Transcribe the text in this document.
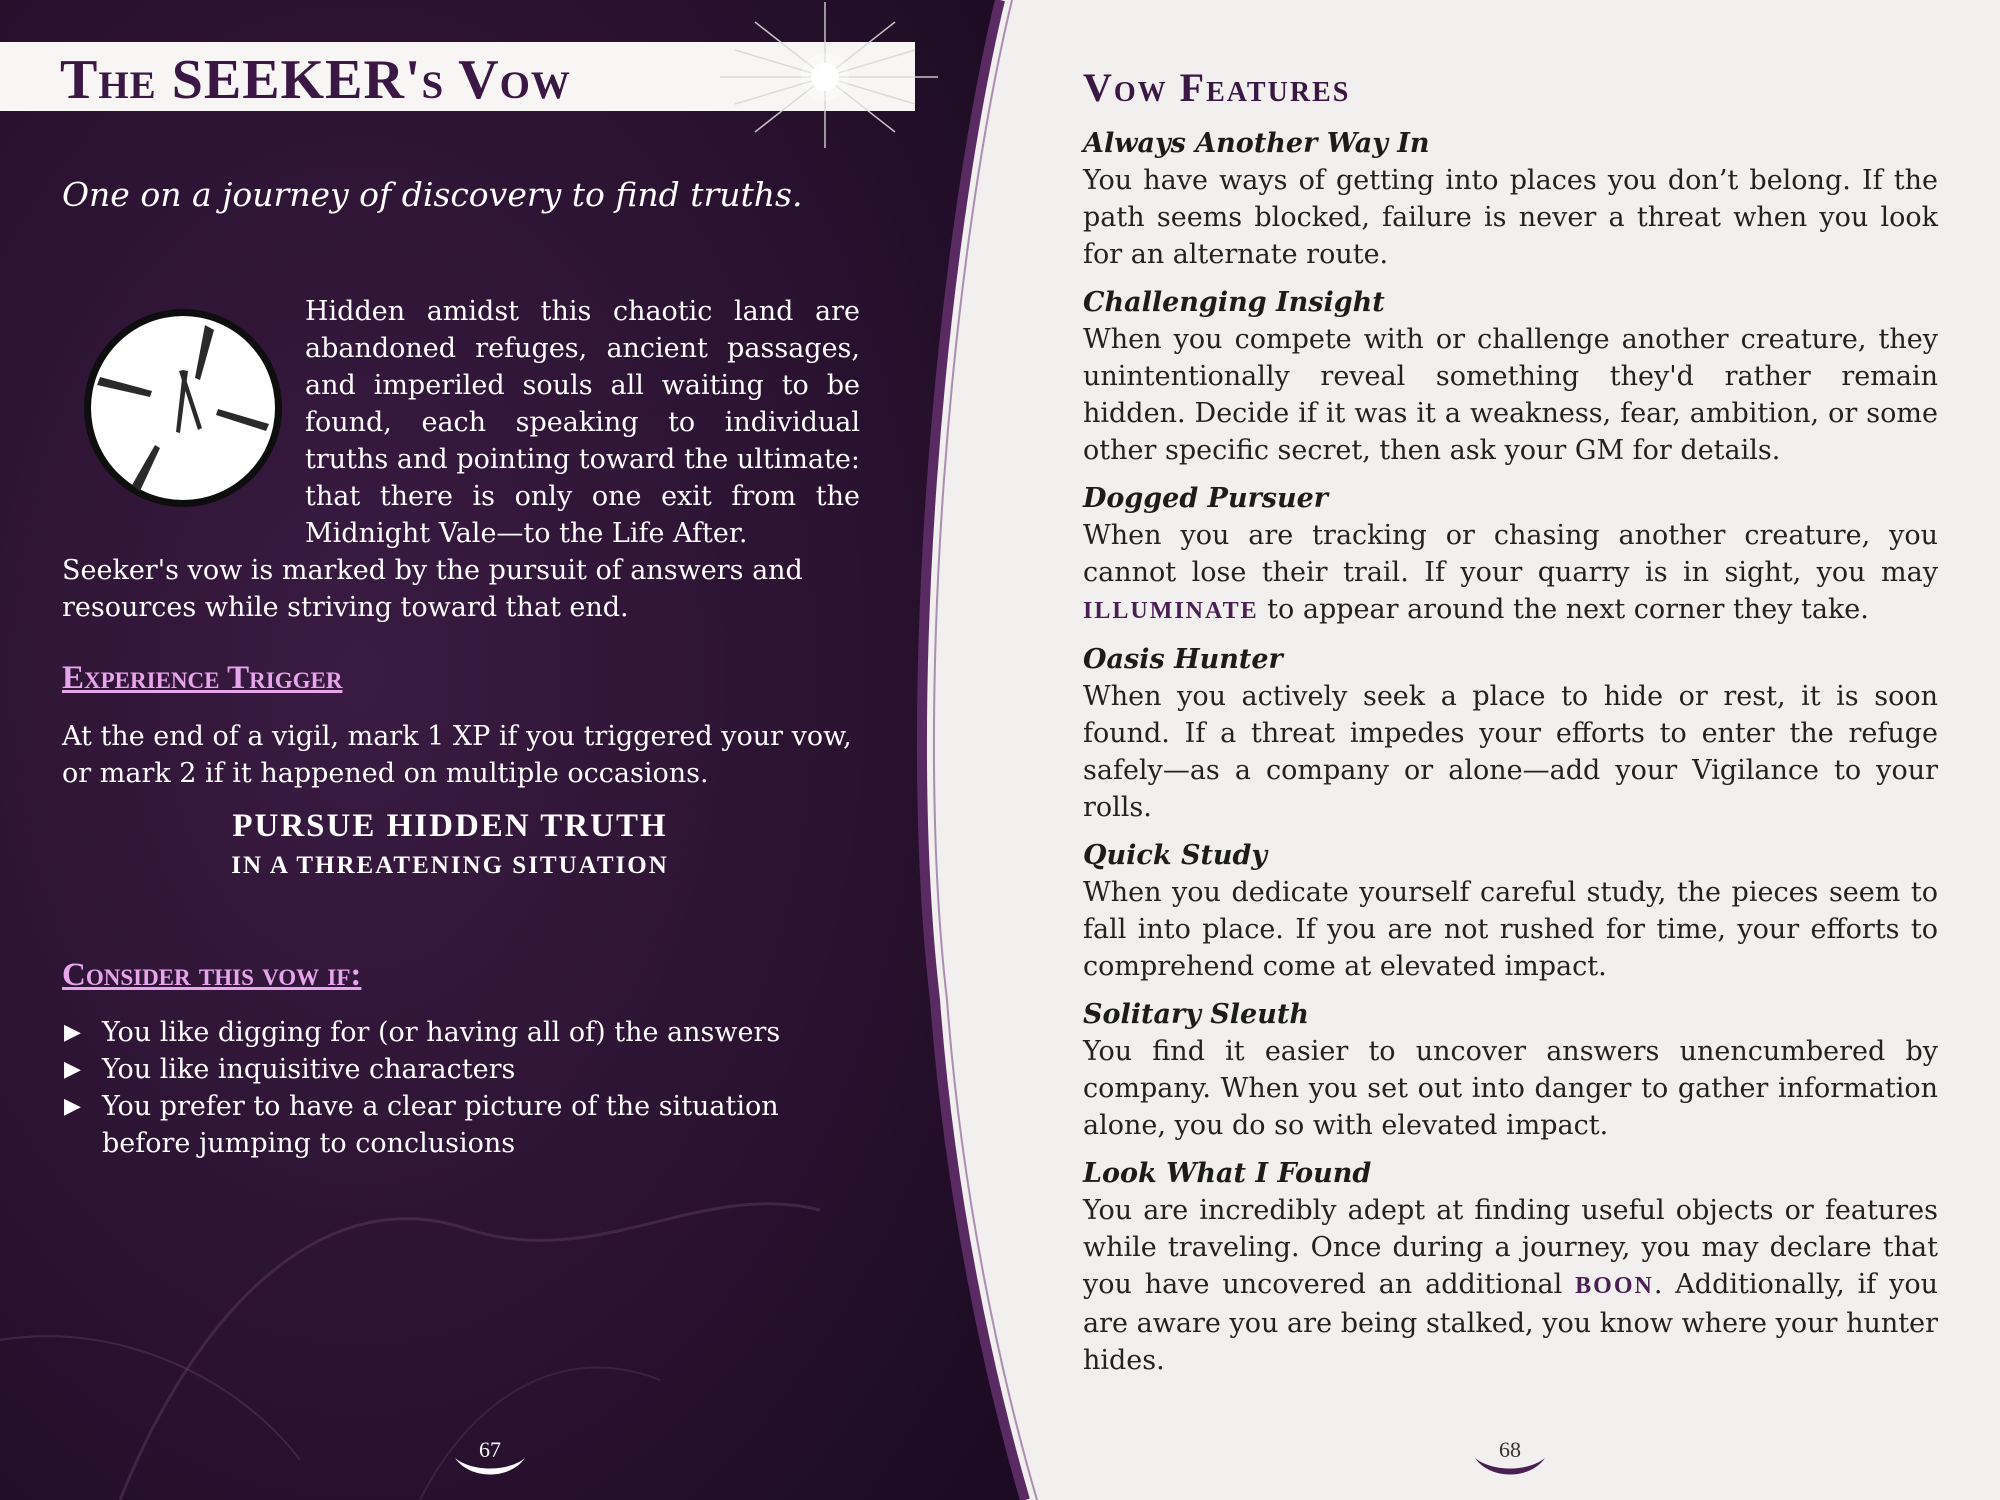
The SEEKER's Vow

One on a journey of discovery to find truths.

Hidden amidst this chaotic land are abandoned refuges, ancient passages, and imperiled souls all waiting to be found, each speaking to individual truths and pointing toward the ultimate: that there is only one exit from the Midnight Vale—to the Life After.

Seeker's vow is marked by the pursuit of answers and resources while striving toward that end.

Experience Trigger

At the end of a vigil, mark 1 XP if you triggered your vow, or mark 2 if it happened on multiple occasions.

PURSUE HIDDEN TRUTH

IN A THREATENING SITUATION

Consider this vow if:
▶ You like digging for (or having all of) the answers
▶ You like inquisitive characters
▶ You prefer to have a clear picture of the situation before jumping to conclusions
67
Vow Features

Always Another Way In

You have ways of getting into places you don’t belong. If the path seems blocked, failure is never a threat when you look for an alternate route.

Challenging Insight

When you compete with or challenge another creature, they unintentionally reveal something they'd rather remain hidden. Decide if it was it a weakness, fear, ambition, or some other specific secret, then ask your GM for details.

Dogged Pursuer

When you are tracking or chasing another creature, you cannot lose their trail. If your quarry is in sight, you may ILLUMINATE to appear around the next corner they take.

Oasis Hunter

When you actively seek a place to hide or rest, it is soon found. If a threat impedes your efforts to enter the refuge safely—as a company or alone—add your Vigilance to your rolls.

Quick Study

When you dedicate yourself careful study, the pieces seem to fall into place. If you are not rushed for time, your efforts to comprehend come at elevated impact.

Solitary Sleuth

You find it easier to uncover answers unencumbered by company. When you set out into danger to gather information alone, you do so with elevated impact.

Look What I Found

You are incredibly adept at finding useful objects or features while traveling. Once during a journey, you may declare that you have uncovered an additional BOON. Additionally, if you are aware you are being stalked, you know where your hunter hides.

68
